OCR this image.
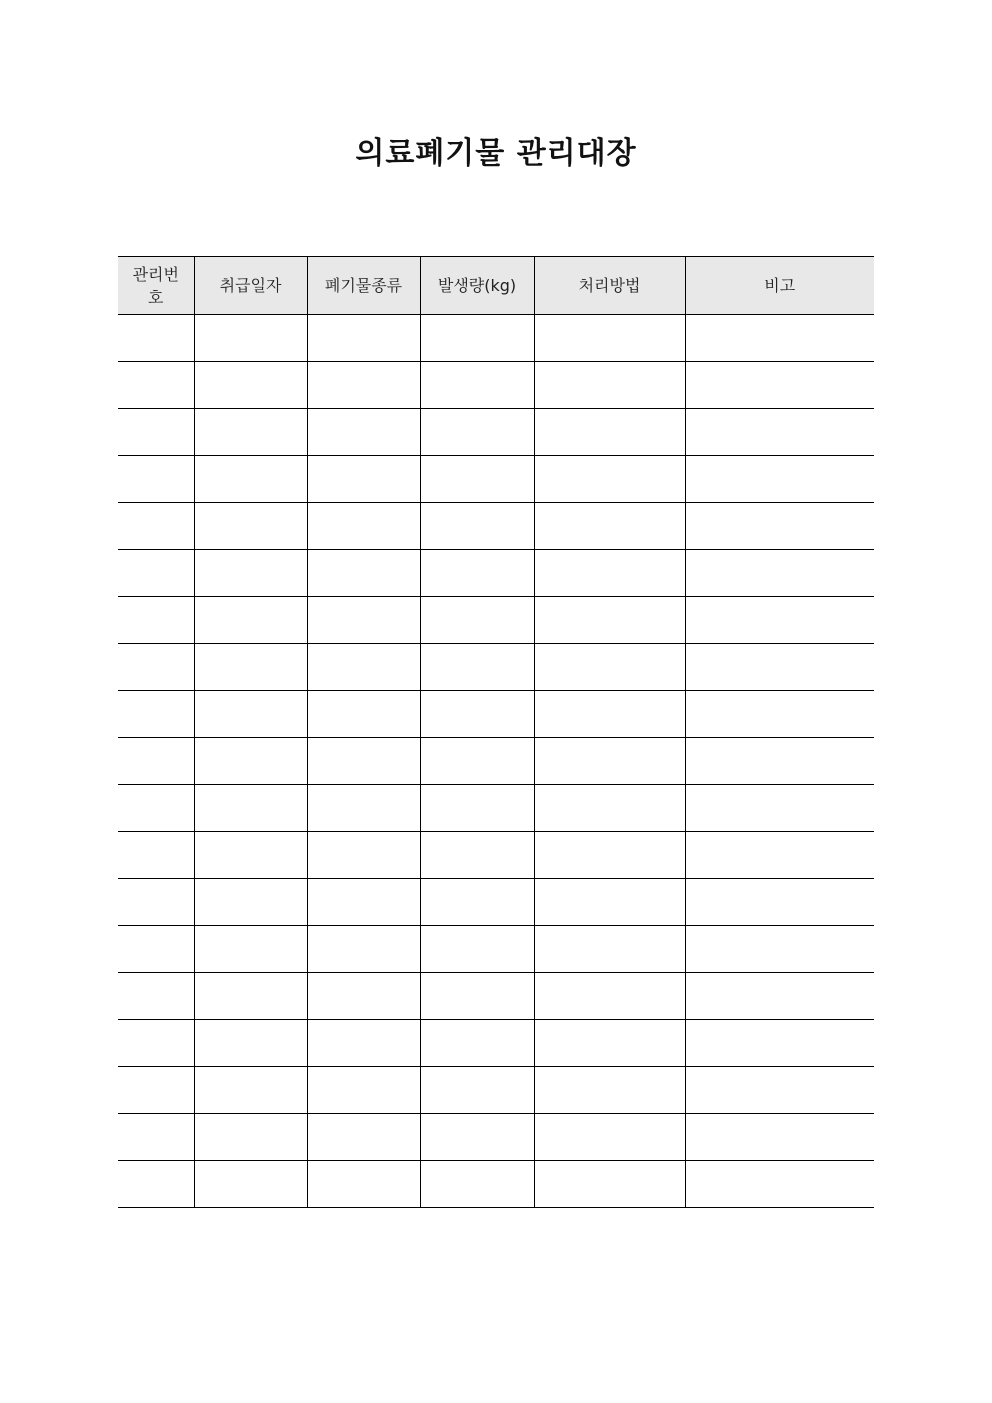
의료폐기물 관리대장
관리번호	취급일자	폐기물종류	발생량(kg)	처리방법	비고
